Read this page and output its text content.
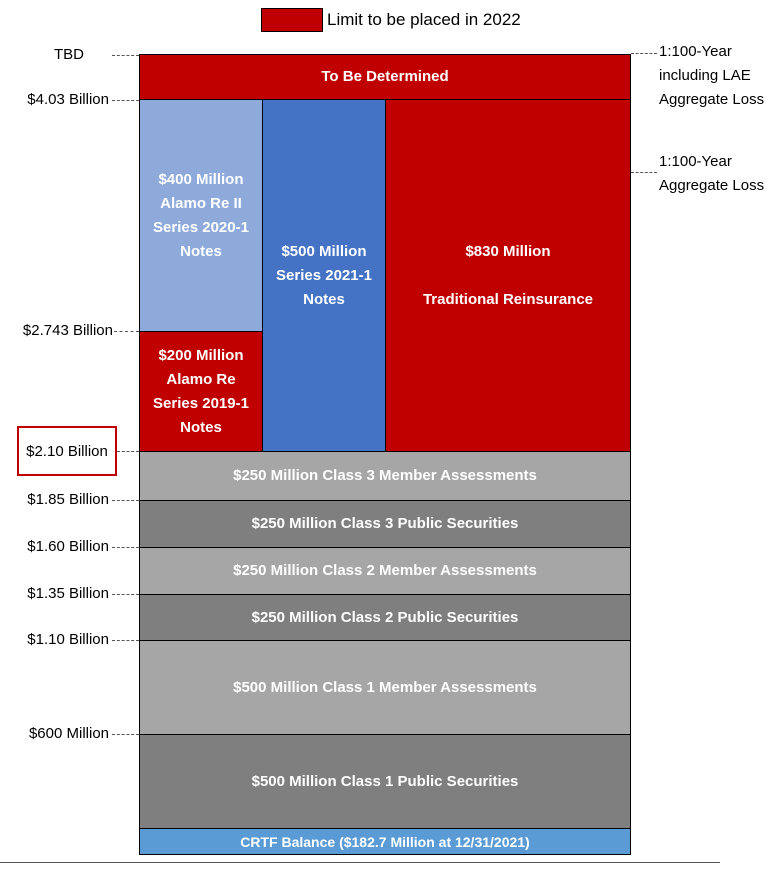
Limit to be placed in 2022
TBD
$4.03 Billion
$2.743 Billion
$2.10 Billion
$1.85 Billion
$1.60 Billion
$1.35 Billion
$1.10 Billion
$600 Million
1:100-Year
including LAE
Aggregate Loss
1:100-Year
Aggregate Loss
To Be Determined
$400 Million
Alamo Re II
Series 2020-1
Notes
$200 Million
Alamo Re
Series 2019-1
Notes
$500 Million
Series 2021-1
Notes
$830 Million

Traditional Reinsurance
$250 Million Class 3 Member Assessments
$250 Million Class 3 Public Securities
$250 Million Class 2 Member Assessments
$250 Million Class 2 Public Securities
$500 Million Class 1 Member Assessments
$500 Million Class 1 Public Securities
CRTF Balance ($182.7 Million at 12/31/2021)
